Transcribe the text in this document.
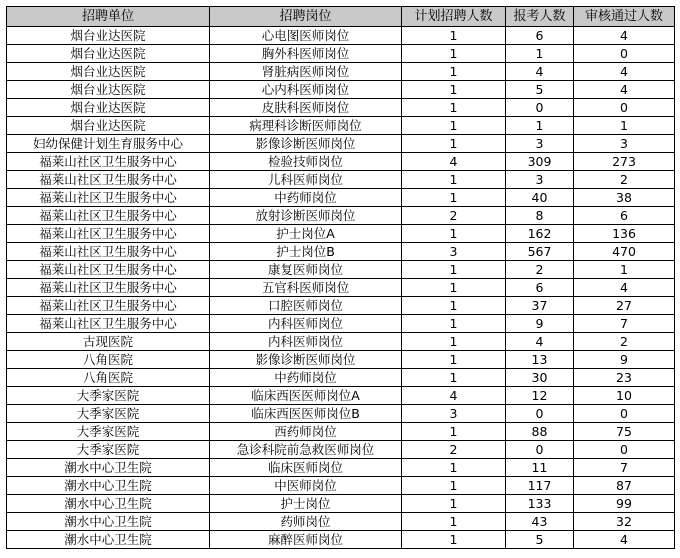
招聘单位	招聘岗位	计划招聘人数	报考人数	审核通过人数
烟台业达医院	心电图医师岗位	1	6	4
烟台业达医院	胸外科医师岗位	1	1	0
烟台业达医院	肾脏病医师岗位	1	4	4
烟台业达医院	心内科医师岗位	1	5	4
烟台业达医院	皮肤科医师岗位	1	0	0
烟台业达医院	病理科诊断医师岗位	1	1	1
妇幼保健计划生育服务中心	影像诊断医师岗位	1	3	3
福莱山社区卫生服务中心	检验技师岗位	4	309	273
福莱山社区卫生服务中心	儿科医师岗位	1	3	2
福莱山社区卫生服务中心	中药师岗位	1	40	38
福莱山社区卫生服务中心	放射诊断医师岗位	2	8	6
福莱山社区卫生服务中心	护士岗位A	1	162	136
福莱山社区卫生服务中心	护士岗位B	3	567	470
福莱山社区卫生服务中心	康复医师岗位	1	2	1
福莱山社区卫生服务中心	五官科医师岗位	1	6	4
福莱山社区卫生服务中心	口腔医师岗位	1	37	27
福莱山社区卫生服务中心	内科医师岗位	1	9	7
古现医院	内科医师岗位	1	4	2
八角医院	影像诊断医师岗位	1	13	9
八角医院	中药师岗位	1	30	23
大季家医院	临床西医医师岗位A	4	12	10
大季家医院	临床西医医师岗位B	3	0	0
大季家医院	西药师岗位	1	88	75
大季家医院	急诊科院前急救医师岗位	2	0	0
潮水中心卫生院	临床医师岗位	1	11	7
潮水中心卫生院	中医师岗位	1	117	87
潮水中心卫生院	护士岗位	1	133	99
潮水中心卫生院	药师岗位	1	43	32
潮水中心卫生院	麻醉医师岗位	1	5	4
